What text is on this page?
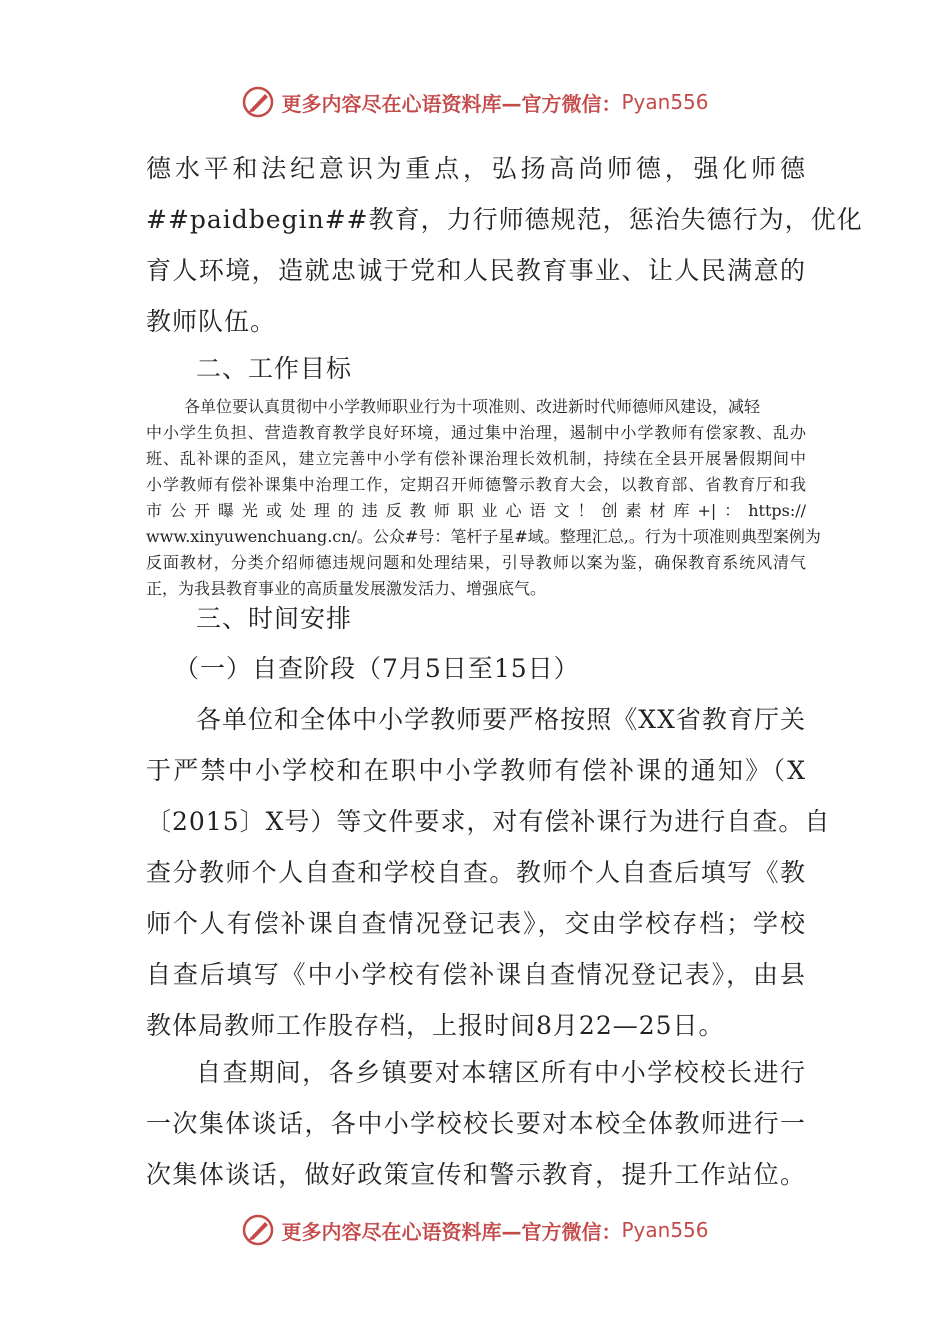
更多内容尽在心语资料库—官方微信： Pyan556
德水平和法纪意识为重点，弘扬高尚师德，强化师德
##paidbegin##教育，力行师德规范，惩治失德行为，优化
育人环境，造就忠诚于党和人民教育事业、让人民满意的
教师队伍。
二、工作目标
各单位要认真贯彻中小学教师职业行为十项准则、改进新时代师德师风建设，减轻
中小学生负担、营造教育教学良好环境，通过集中治理，遏制中小学教师有偿家教、乱办
班、乱补课的歪风，建立完善中小学有偿补课治理长效机制，持续在全县开展暑假期间中
小学教师有偿补课集中治理工作，定期召开师德警示教育大会，以教育部、省教育厅和我
市公开曝光或处理的违反教师职业心语文！创素材库+|：https://
www.xinyuwenchuang.cn/。公众#号：笔杆子星#域。整理汇总,。行为十项准则典型案例为
反面教材，分类介绍师德违规问题和处理结果，引导教师以案为鉴，确保教育系统风清气
正，为我县教育事业的高质量发展激发活力、增强底气。
三、时间安排
（一）自查阶段（7月5日至15日）
各单位和全体中小学教师要严格按照《XX省教育厅关
于严禁中小学校和在职中小学教师有偿补课的通知》（X
〔2015〕X号）等文件要求，对有偿补课行为进行自查。自
查分教师个人自查和学校自查。教师个人自查后填写《教
师个人有偿补课自查情况登记表》，交由学校存档；学校
自查后填写《中小学校有偿补课自查情况登记表》，由县
教体局教师工作股存档，上报时间8月22—25日。
自查期间，各乡镇要对本辖区所有中小学校校长进行
一次集体谈话，各中小学校校长要对本校全体教师进行一
次集体谈话，做好政策宣传和警示教育，提升工作站位。
更多内容尽在心语资料库—官方微信： Pyan556
